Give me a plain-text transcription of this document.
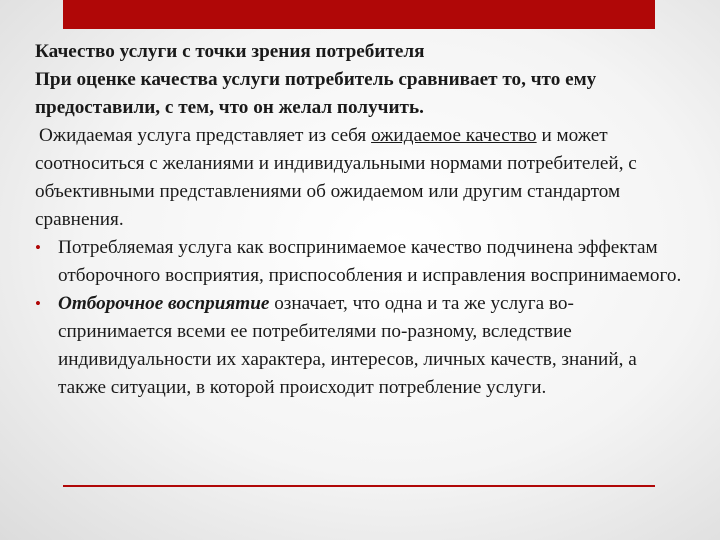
Качество услуги с точки зрения потребителя

При оценке качества услуги потребитель сравнивает то, что ему предоставили, с тем, что он желал получить.

Ожидаемая услуга представляет из себя ожидаемое качество и может соотноситься с желаниями и индивидуальными нормами потребителей, с объективными представлениями об ожидаемом или другим стандартом сравнения.

• Потребляемая услуга как воспринимаемое качество подчинена эффектам отборочного восприятия, приспособления и исправления воспринимаемого.

• Отборочное восприятие означает, что одна и та же услуга во-спринимается всеми ее потребителями по-разному, вследствие индивидуальности их характера, интересов, личных качеств, знаний, а также ситуации, в которой происходит потребление услуги.
